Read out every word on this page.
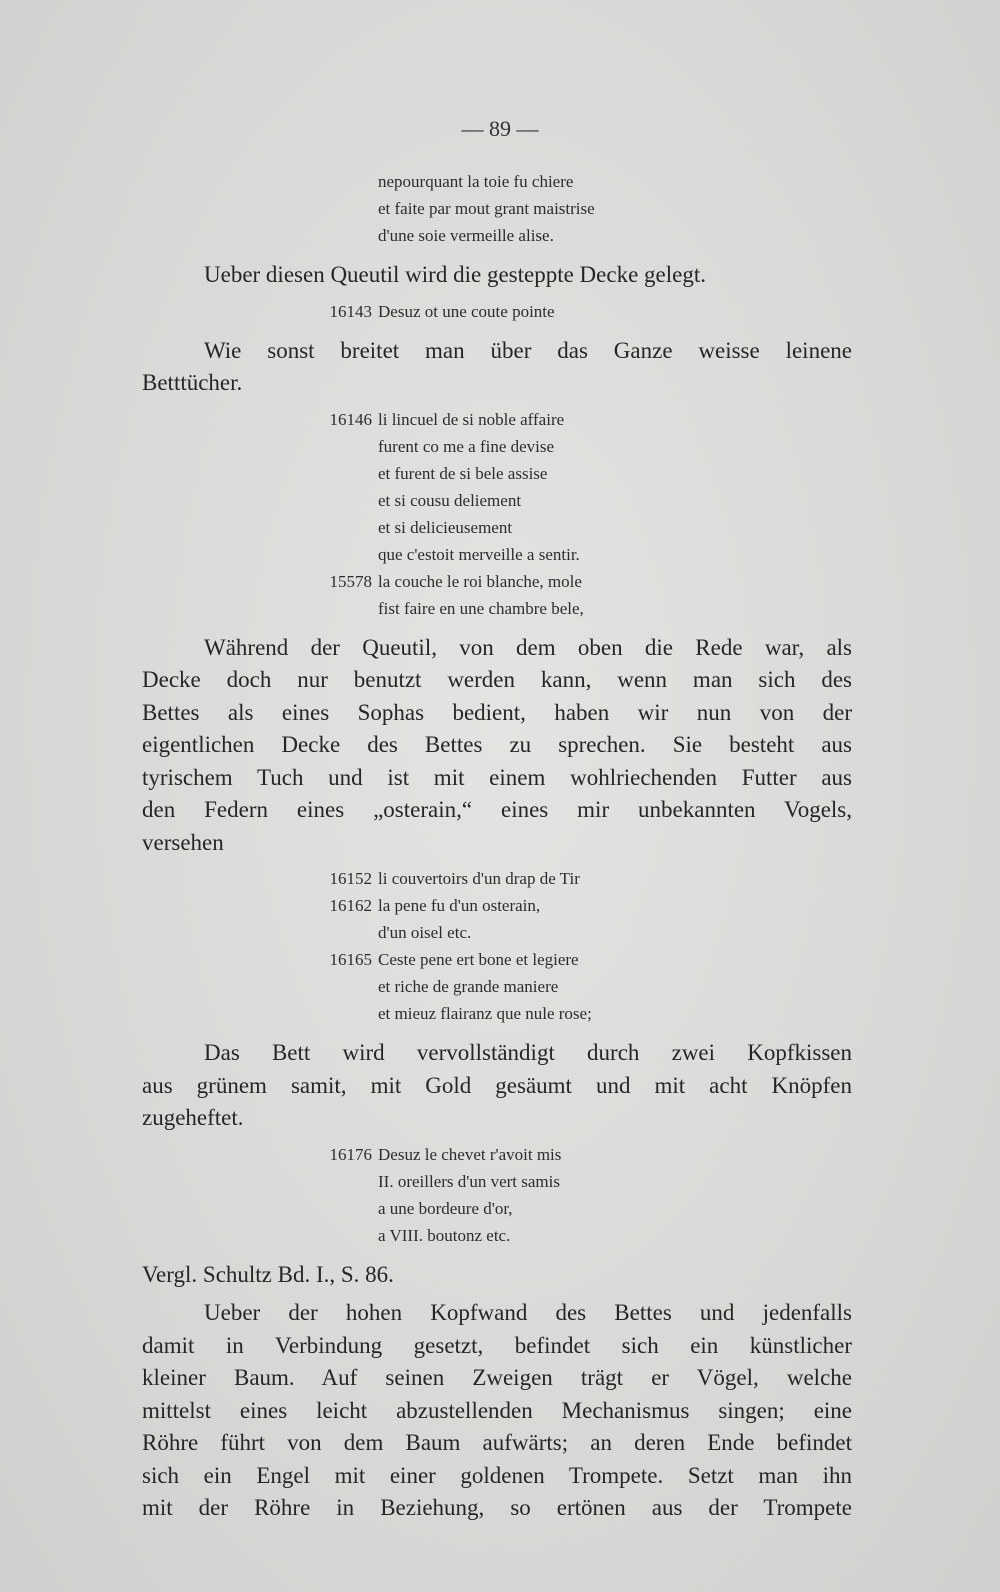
— 89 —
nepourquant la toie fu chiere
et faite par mout grant maistrise
d'une soie vermeille alise.
Ueber diesen Queutil wird die gesteppte Decke gelegt.
16143 Desuz ot une coute pointe
Wie sonst breitet man über das Ganze weisse leinene
Betttücher.
16146 li lincuel de si noble affaire
furent co me a fine devise
et furent de si bele assise
et si cousu deliement
et si delicieusement
que c'estoit merveille a sentir.
15578 la couche le roi blanche, mole
fist faire en une chambre bele,
Während der Queutil, von dem oben die Rede war, als
Decke doch nur benutzt werden kann, wenn man sich des
Bettes als eines Sophas bedient, haben wir nun von der
eigentlichen Decke des Bettes zu sprechen. Sie besteht aus
tyrischem Tuch und ist mit einem wohlriechenden Futter aus
den Federn eines „osterain,“ eines mir unbekannten Vogels,
versehen
16152 li couvertoirs d'un drap de Tir
16162 la pene fu d'un osterain,
d'un oisel etc.
16165 Ceste pene ert bone et legiere
et riche de grande maniere
et mieuz flairanz que nule rose;
Das Bett wird vervollständigt durch zwei Kopfkissen
aus grünem samit, mit Gold gesäumt und mit acht Knöpfen
zugeheftet.
16176 Desuz le chevet r'avoit mis
II. oreillers d'un vert samis
a une bordeure d'or,
a VIII. boutonz etc.
Vergl. Schultz Bd. I., S. 86.
Ueber der hohen Kopfwand des Bettes und jedenfalls
damit in Verbindung gesetzt, befindet sich ein künstlicher
kleiner Baum. Auf seinen Zweigen trägt er Vögel, welche
mittelst eines leicht abzustellenden Mechanismus singen; eine
Röhre führt von dem Baum aufwärts; an deren Ende befindet
sich ein Engel mit einer goldenen Trompete. Setzt man ihn
mit der Röhre in Beziehung, so ertönen aus der Trompete
